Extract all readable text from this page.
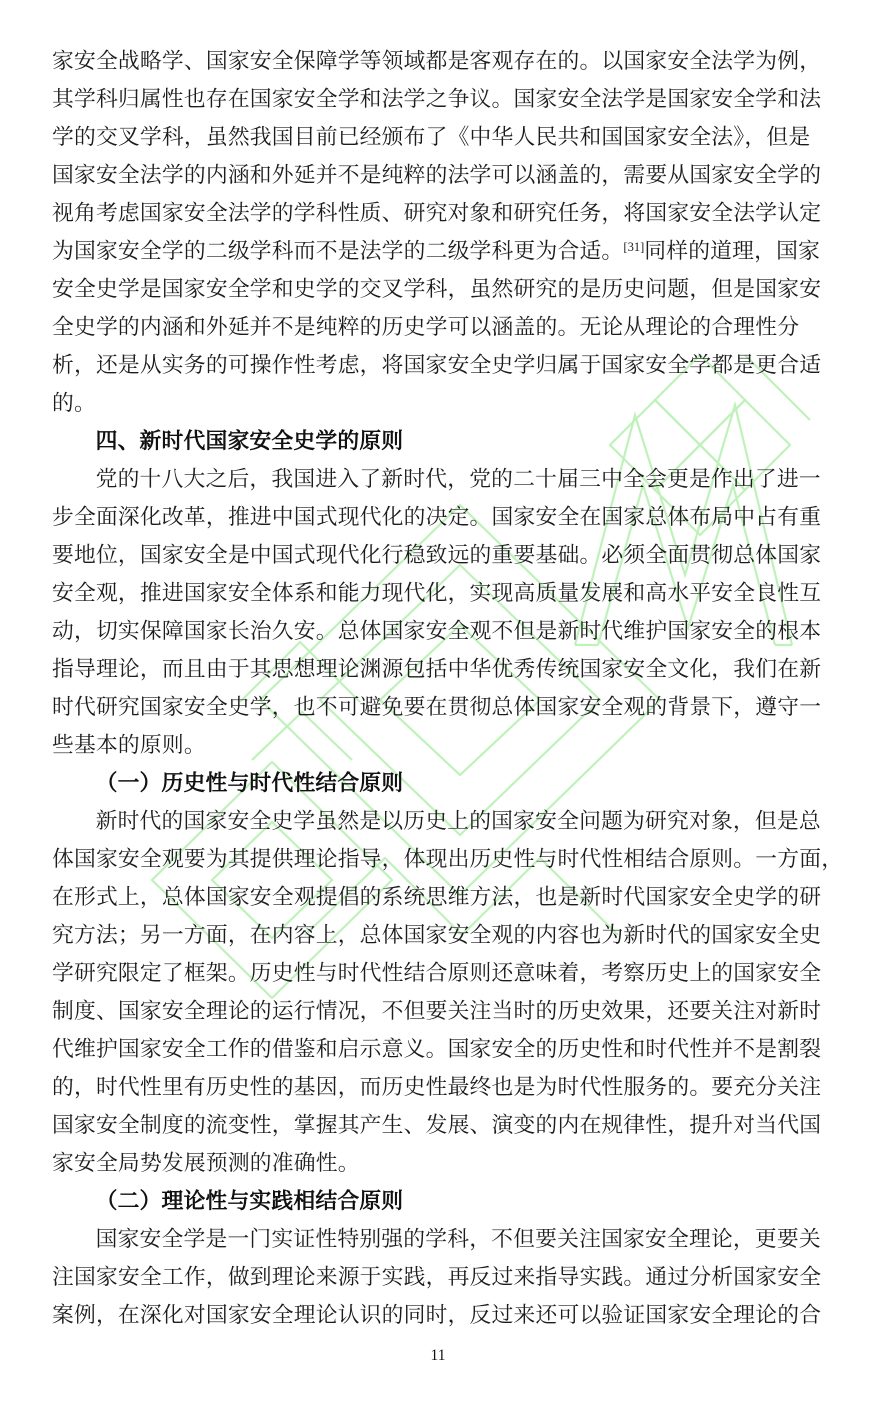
家安全战略学、国家安全保障学等领域都是客观存在的。以国家安全法学为例，
其学科归属性也存在国家安全学和法学之争议。国家安全法学是国家安全学和法
学的交叉学科，虽然我国目前已经颁布了《中华人民共和国国家安全法》，但是
国家安全法学的内涵和外延并不是纯粹的法学可以涵盖的，需要从国家安全学的
视角考虑国家安全法学的学科性质、研究对象和研究任务，将国家安全法学认定
为国家安全学的二级学科而不是法学的二级学科更为合适。[31]同样的道理，国家
安全史学是国家安全学和史学的交叉学科，虽然研究的是历史问题，但是国家安
全史学的内涵和外延并不是纯粹的历史学可以涵盖的。无论从理论的合理性分
析，还是从实务的可操作性考虑，将国家安全史学归属于国家安全学都是更合适
的。
四、新时代国家安全史学的原则
党的十八大之后，我国进入了新时代，党的二十届三中全会更是作出了进一
步全面深化改革，推进中国式现代化的决定。国家安全在国家总体布局中占有重
要地位，国家安全是中国式现代化行稳致远的重要基础。必须全面贯彻总体国家
安全观，推进国家安全体系和能力现代化，实现高质量发展和高水平安全良性互
动，切实保障国家长治久安。总体国家安全观不但是新时代维护国家安全的根本
指导理论，而且由于其思想理论渊源包括中华优秀传统国家安全文化，我们在新
时代研究国家安全史学，也不可避免要在贯彻总体国家安全观的背景下，遵守一
些基本的原则。
（一）历史性与时代性结合原则
新时代的国家安全史学虽然是以历史上的国家安全问题为研究对象，但是总
体国家安全观要为其提供理论指导，体现出历史性与时代性相结合原则。一方面，
在形式上，总体国家安全观提倡的系统思维方法，也是新时代国家安全史学的研
究方法；另一方面，在内容上，总体国家安全观的内容也为新时代的国家安全史
学研究限定了框架。历史性与时代性结合原则还意味着，考察历史上的国家安全
制度、国家安全理论的运行情况，不但要关注当时的历史效果，还要关注对新时
代维护国家安全工作的借鉴和启示意义。国家安全的历史性和时代性并不是割裂
的，时代性里有历史性的基因，而历史性最终也是为时代性服务的。要充分关注
国家安全制度的流变性，掌握其产生、发展、演变的内在规律性，提升对当代国
家安全局势发展预测的准确性。
（二）理论性与实践相结合原则
国家安全学是一门实证性特别强的学科，不但要关注国家安全理论，更要关
注国家安全工作，做到理论来源于实践，再反过来指导实践。通过分析国家安全
案例，在深化对国家安全理论认识的同时，反过来还可以验证国家安全理论的合
11
